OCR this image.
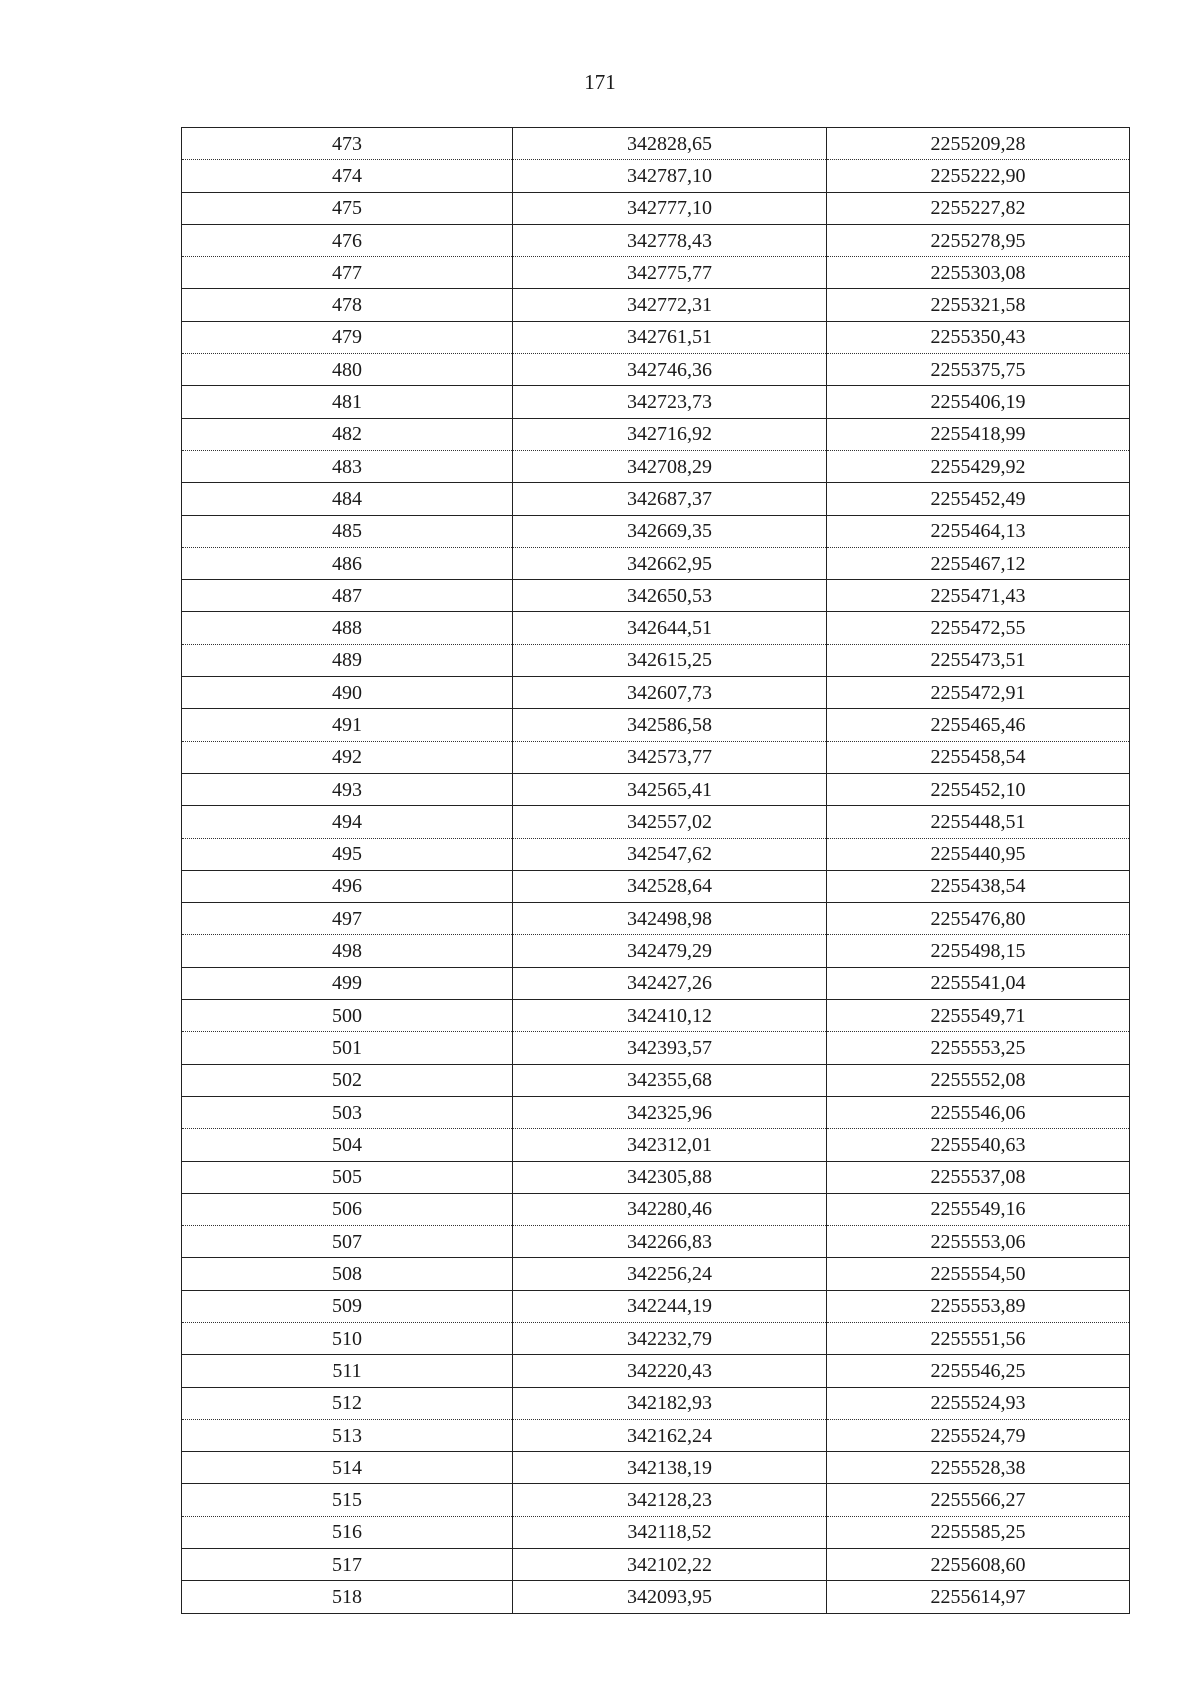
171
473	342828,65	2255209,28
474	342787,10	2255222,90
475	342777,10	2255227,82
476	342778,43	2255278,95
477	342775,77	2255303,08
478	342772,31	2255321,58
479	342761,51	2255350,43
480	342746,36	2255375,75
481	342723,73	2255406,19
482	342716,92	2255418,99
483	342708,29	2255429,92
484	342687,37	2255452,49
485	342669,35	2255464,13
486	342662,95	2255467,12
487	342650,53	2255471,43
488	342644,51	2255472,55
489	342615,25	2255473,51
490	342607,73	2255472,91
491	342586,58	2255465,46
492	342573,77	2255458,54
493	342565,41	2255452,10
494	342557,02	2255448,51
495	342547,62	2255440,95
496	342528,64	2255438,54
497	342498,98	2255476,80
498	342479,29	2255498,15
499	342427,26	2255541,04
500	342410,12	2255549,71
501	342393,57	2255553,25
502	342355,68	2255552,08
503	342325,96	2255546,06
504	342312,01	2255540,63
505	342305,88	2255537,08
506	342280,46	2255549,16
507	342266,83	2255553,06
508	342256,24	2255554,50
509	342244,19	2255553,89
510	342232,79	2255551,56
511	342220,43	2255546,25
512	342182,93	2255524,93
513	342162,24	2255524,79
514	342138,19	2255528,38
515	342128,23	2255566,27
516	342118,52	2255585,25
517	342102,22	2255608,60
518	342093,95	2255614,97
